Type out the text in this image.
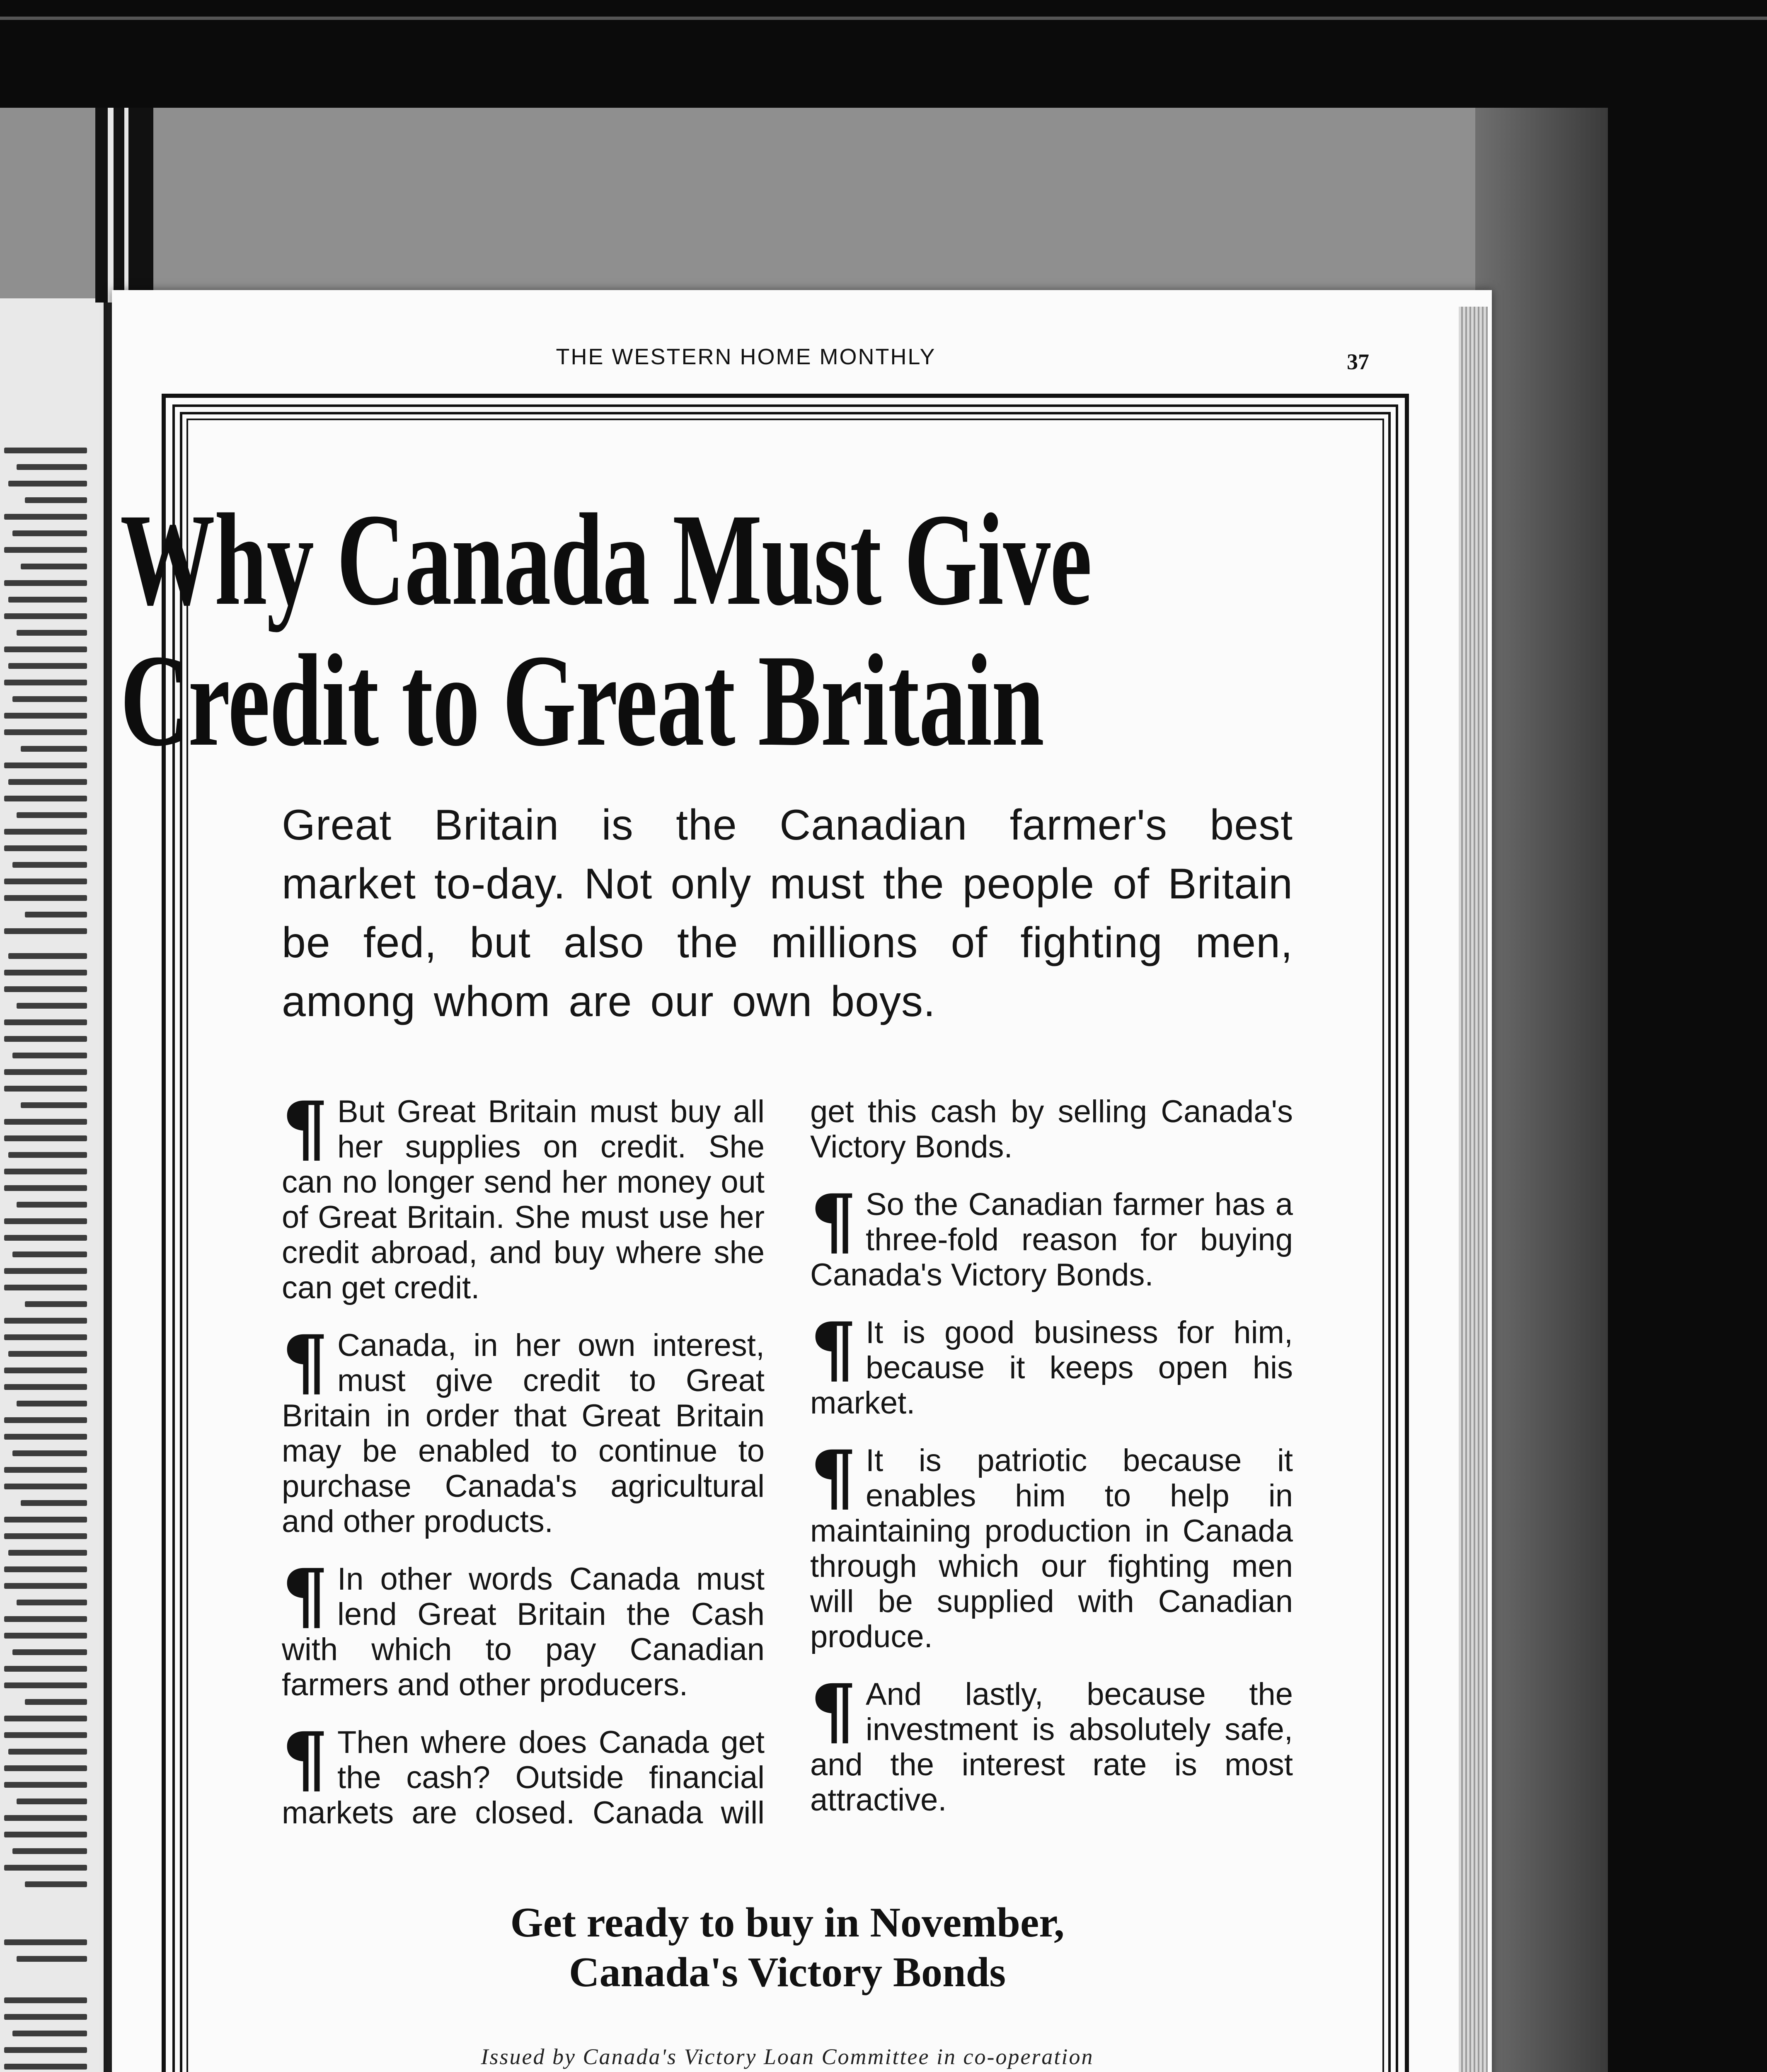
THE WESTERN HOME MONTHLY	37
Why Canada Must Give
Credit to Great Britain
Great Britain is the Canadian farmer's best market to-day. Not only must the people of Britain be fed, but also the millions of fighting men, among whom are our own boys.

¶ But Great Britain must buy all her supplies on credit. She can no longer send her money out of Great Britain. She must use her credit abroad, and buy where she can get credit.

¶ Canada, in her own interest, must give credit to Great Britain in order that Great Britain may be enabled to continue to purchase Canada's agricultural and other products.

¶ In other words Canada must lend Great Britain the Cash with which to pay Canadian farmers and other producers.

¶ Then where does Canada get the cash? Outside financial markets are closed. Canada will get this cash by selling Canada's Victory Bonds.

¶ So the Canadian farmer has a three-fold reason for buying Canada's Victory Bonds.

¶ It is good business for him, because it keeps open his market.

¶ It is patriotic because it enables him to help in maintaining production in Canada through which our fighting men will be supplied with Canadian produce.

¶ And lastly, because the investment is absolutely safe, and the interest rate is most attractive.

Get ready to buy in November,
Canada's Victory Bonds
Issued by Canada's Victory Loan Committee in co-operation
